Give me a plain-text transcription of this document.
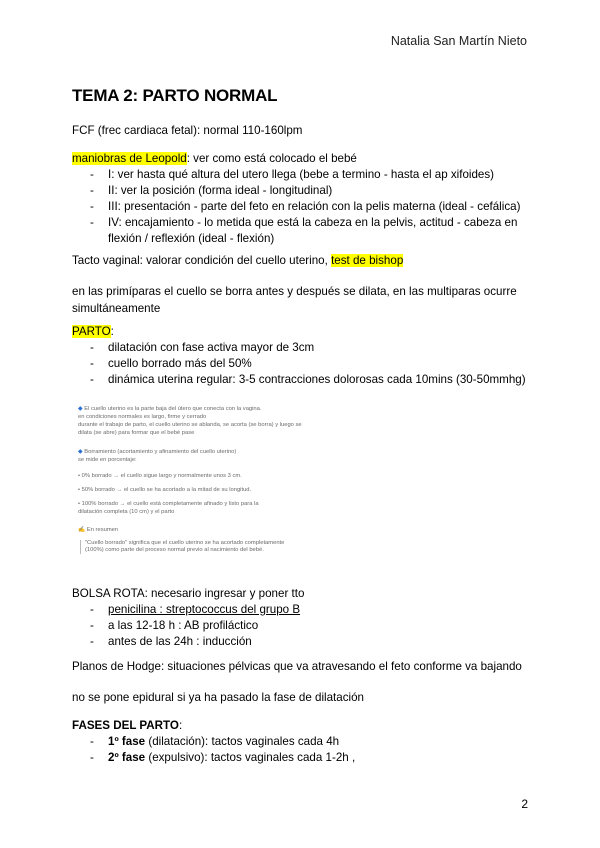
Natalia San Martín Nieto
TEMA 2: PARTO NORMAL
FCF (frec cardiaca fetal): normal 110-160lpm
maniobras de Leopold: ver como está colocado el bebé
- I: ver hasta qué altura del utero llega (bebe a termino - hasta el ap xifoides)
- II: ver la posición (forma ideal - longitudinal)
- III: presentación - parte del feto en relación con la pelis materna (ideal - cefálica)
- IV: encajamiento - lo metida que está la cabeza en la pelvis, actitud - cabeza en flexión / reflexión (ideal - flexión)
Tacto vaginal: valorar condición del cuello uterino, test de bishop
en las primíparas el cuello se borra antes y después se dilata, en las multiparas ocurre
simultáneamente
PARTO:
- dilatación con fase activa mayor de 3cm
- cuello borrado más del 50%
- dinámica uterina regular: 3-5 contracciones dolorosas cada 10mins (30-50mmhg)
◆ El cuello uterino es la parte baja del útero que conecta con la vagina.
en condiciones normales es largo, firme y cerrado
durante el trabajo de parto, el cuello uterino se ablanda, se acorta (se borra) y luego se
dilata (se abre) para formar que el bebé pase
◆ Borramiento (acortamiento y afinamiento del cuello uterino)
se mide en porcentaje:
• 0% borrado → el cuello sigue largo y normalmente unos 3 cm.
• 50% borrado → el cuello se ha acortado a la mitad de su longitud.
• 100% borrado → el cuello está completamente afinado y listo para la
dilatación completa (10 cm) y el parto
✍ En resumen
"Cuello borrado" significa que el cuello uterino se ha acortado completamente
(100%) como parte del proceso normal previo al nacimiento del bebé.
BOLSA ROTA: necesario ingresar y poner tto
- penicilina : streptococcus del grupo B
- a las 12-18 h : AB profiláctico
- antes de las 24h : inducción
Planos de Hodge: situaciones pélvicas que va atravesando el feto conforme va bajando
no se pone epidural si ya ha pasado la fase de dilatación
FASES DEL PARTO:
- 1º fase (dilatación): tactos vaginales cada 4h
- 2º fase (expulsivo): tactos vaginales cada 1-2h ,
2
